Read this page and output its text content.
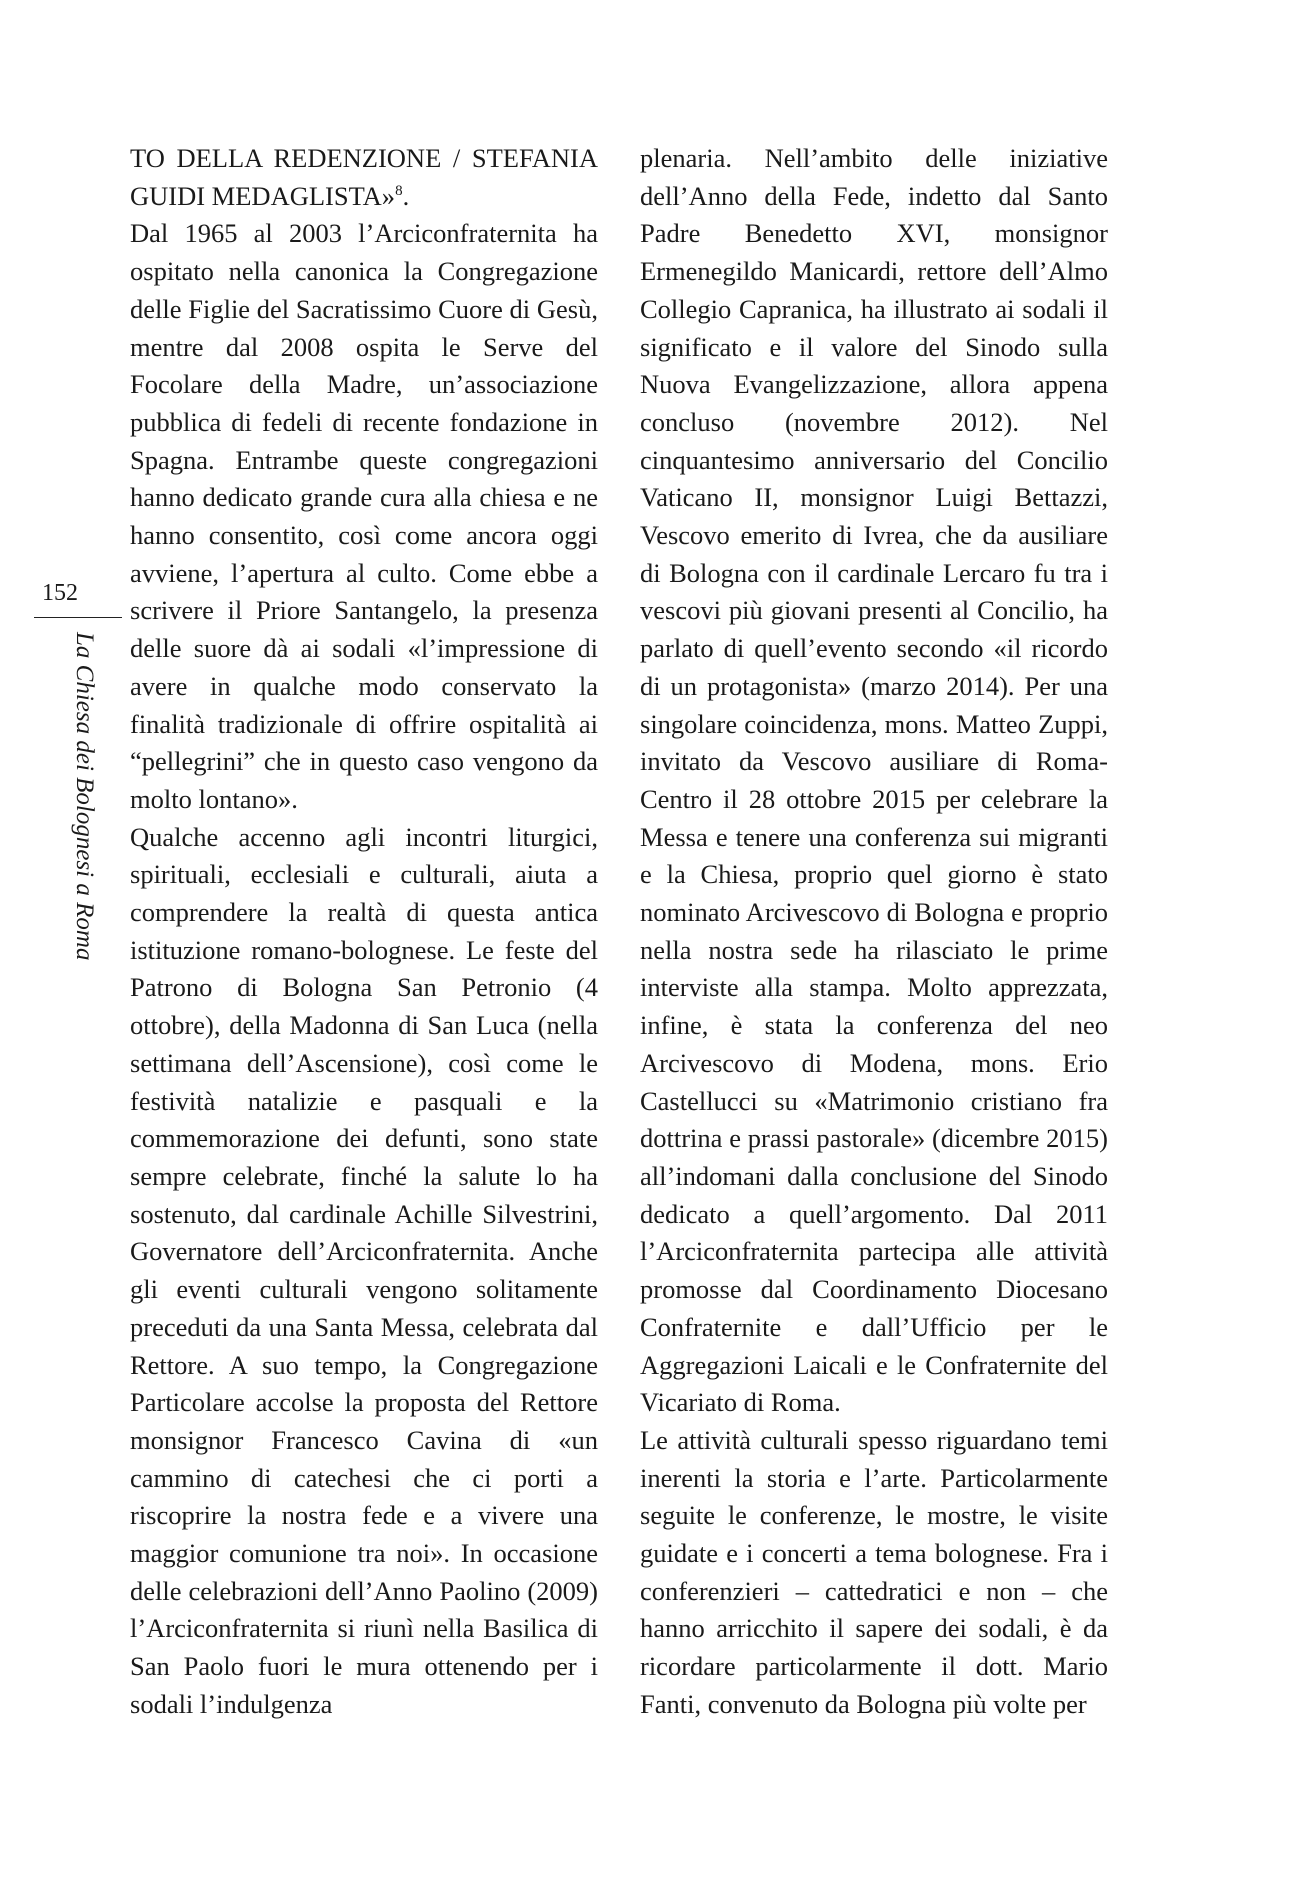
152
La Chiesa dei Bolognesi a Roma

TO DELLA REDENZIONE / STEFANIA GUIDI MEDAGLISTA»$^8$.

Dal 1965 al 2003 l’Arciconfraternita ha ospitato nella canonica la Congregazione delle Figlie del Sacratissimo Cuore di Gesù, mentre dal 2008 ospita le Serve del Focolare della Madre, un’associazione pubblica di fedeli di recente fondazione in Spagna. Entrambe queste congregazioni hanno dedicato grande cura alla chiesa e ne hanno consentito, così come ancora oggi avviene, l’apertura al culto. Come ebbe a scrivere il Priore Santangelo, la presenza delle suore dà ai sodali «l’impressione di avere in qualche modo conservato la finalità tradizionale di offrire ospitalità ai “pellegrini” che in questo caso vengono da molto lontano».

Qualche accenno agli incontri liturgici, spirituali, ecclesiali e culturali, aiuta a comprendere la realtà di questa antica istituzione romano-bolognese. Le feste del Patrono di Bologna San Petronio (4 ottobre), della Madonna di San Luca (nella settimana dell’Ascensione), così come le festività natalizie e pasquali e la commemorazione dei defunti, sono state sempre celebrate, finché la salute lo ha sostenuto, dal cardinale Achille Silvestrini, Governatore dell’Arciconfraternita. Anche gli eventi culturali vengono solitamente preceduti da una Santa Messa, celebrata dal Rettore. A suo tempo, la Congregazione Particolare accolse la proposta del Rettore monsignor Francesco Cavina di «un cammino di catechesi che ci porti a riscoprire la nostra fede e a vivere una maggior comunione tra noi». In occasione delle celebrazioni dell’Anno Paolino (2009) l’Arciconfraternita si riunì nella Basilica di San Paolo fuori le mura ottenendo per i sodali l’indulgenza

plenaria. Nell’ambito delle iniziative dell’Anno della Fede, indetto dal Santo Padre Benedetto XVI, monsignor Ermenegildo Manicardi, rettore dell’Almo Collegio Capranica, ha illustrato ai sodali il significato e il valore del Sinodo sulla Nuova Evangelizzazione, allora appena concluso (novembre 2012). Nel cinquantesimo anniversario del Concilio Vaticano II, monsignor Luigi Bettazzi, Vescovo emerito di Ivrea, che da ausiliare di Bologna con il cardinale Lercaro fu tra i vescovi più giovani presenti al Concilio, ha parlato di quell’evento secondo «il ricordo di un protagonista» (marzo 2014). Per una singolare coincidenza, mons. Matteo Zuppi, invitato da Vescovo ausiliare di Roma-Centro il 28 ottobre 2015 per celebrare la Messa e tenere una conferenza sui migranti e la Chiesa, proprio quel giorno è stato nominato Arcivescovo di Bologna e proprio nella nostra sede ha rilasciato le prime interviste alla stampa. Molto apprezzata, infine, è stata la conferenza del neo Arcivescovo di Modena, mons. Erio Castellucci su «Matrimonio cristiano fra dottrina e prassi pastorale» (dicembre 2015) all’indomani dalla conclusione del Sinodo dedicato a quell’argomento. Dal 2011 l’Arciconfraternita partecipa alle attività promosse dal Coordinamento Diocesano Confraternite e dall’Ufficio per le Aggregazioni Laicali e le Confraternite del Vicariato di Roma.

Le attività culturali spesso riguardano temi inerenti la storia e l’arte. Particolarmente seguite le conferenze, le mostre, le visite guidate e i concerti a tema bolognese. Fra i conferenzieri – cattedratici e non – che hanno arricchito il sapere dei sodali, è da ricordare particolarmente il dott. Mario Fanti, convenuto da Bologna più volte per
